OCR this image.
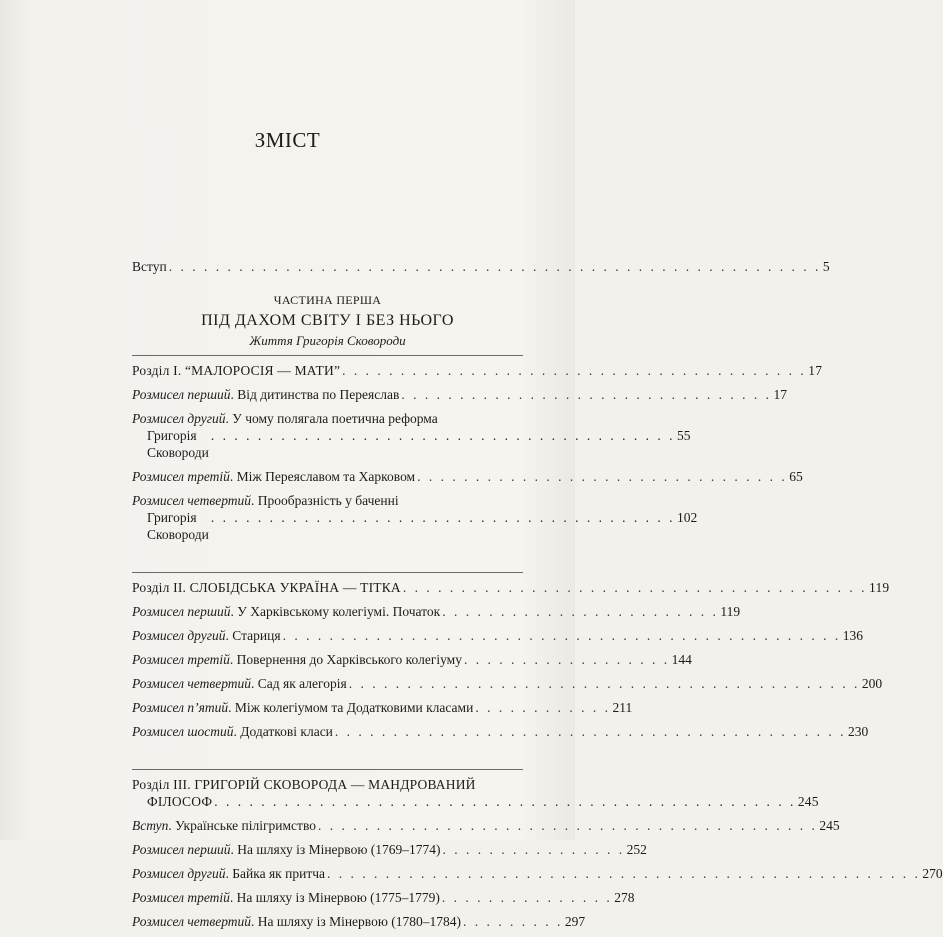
ЗМІСТ
Вступ . . . . . . . . . . . . . . . . . . . . . . . . . . . . . . . . . . . . . . . . . . . . . . . . . . . . . . . . 5
ЧАСТИНА ПЕРША
ПІД ДАХОМ СВІТУ І БЕЗ НЬОГО
Життя Григорія Сковороди
Розділ І. “МАЛОРОСІЯ — МАТИ” . . . . . . . . . . . . . . . . . . . . . . . . . . . . . . . . . . . . . . . . 17
Розмисел перший. Від дитинства по Переяслав . . . . . . . . . . . . . . . . . . . . . . . . . . . . . . . . 17
Розмисел другий. У чому полягала поетична реформа
Григорія Сковороди
. . . . . . . . . . . . . . . . . . . . . . . . . . . . . . . . . . . . . . . . 55
Розмисел третій. Між Переяславом та Харковом . . . . . . . . . . . . . . . . . . . . . . . . . . . . . . . . 65
Розмисел четвертий. Прообразність у баченні
Григорія Сковороди
. . . . . . . . . . . . . . . . . . . . . . . . . . . . . . . . . . . . . . . . 102
Розділ ІІ. СЛОБІДСЬКА УКРАЇНА — ТІТКА . . . . . . . . . . . . . . . . . . . . . . . . . . . . . . . . . . . . . . . . 119
Розмисел перший. У Харківському колегіумі. Початок . . . . . . . . . . . . . . . . . . . . . . . . 119
Розмисел другий. Стариця . . . . . . . . . . . . . . . . . . . . . . . . . . . . . . . . . . . . . . . . . . . . . . . . 136
Розмисел третій. Повернення до Харківського колегіуму . . . . . . . . . . . . . . . . . . 144
Розмисел четвертий. Сад як алегорія . . . . . . . . . . . . . . . . . . . . . . . . . . . . . . . . . . . . . . . . . . . . 200
Розмисел п’ятий. Між колегіумом та Додатковими класами . . . . . . . . . . . . 211
Розмисел шостий. Додаткові класи . . . . . . . . . . . . . . . . . . . . . . . . . . . . . . . . . . . . . . . . . . . . 230
Розділ ІІІ. ГРИГОРІЙ СКОВОРОДА — МАНДРОВАНИЙ
ФІЛОСОФ . . . . . . . . . . . . . . . . . . . . . . . . . . . . . . . . . . . . . . . . . . . . . . . . . . 245
Вступ. Українське пілігримство . . . . . . . . . . . . . . . . . . . . . . . . . . . . . . . . . . . . . . . . . . . 245
Розмисел перший. На шляху із Мінервою (1769–1774) . . . . . . . . . . . . . . . . 252
Розмисел другий. Байка як притча . . . . . . . . . . . . . . . . . . . . . . . . . . . . . . . . . . . . . . . . . . . . . . . . . . . 270
Розмисел третій. На шляху із Мінервою (1775–1779) . . . . . . . . . . . . . . . 278
Розмисел четвертий. На шляху із Мінервою (1780–1784) . . . . . . . . . 297
